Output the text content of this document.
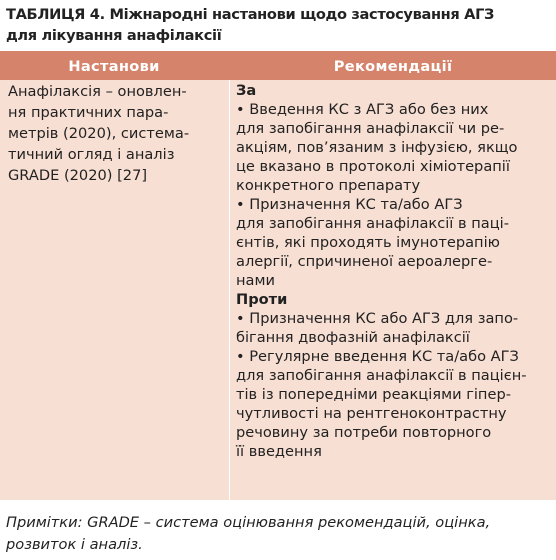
ТАБЛИЦЯ 4. Міжнародні настанови щодо застосування АГЗ
для лікування анафілаксії
Настанови	Рекомендації
Анафілаксія – оновлен-
ня практичних пара-
метрів (2020), система-
тичний огляд і аналіз
GRADE (2020) [27]
За
• Введення КС з АГЗ або без них
для запобігання анафілаксії чи ре-
акціям, пов’язаним з інфузією, якщо
це вказано в протоколі хіміотерапії
конкретного препарату
• Призначення КС та/або АГЗ
для запобігання анафілаксії в паці-
єнтів, які проходять імунотерапію
алергії, спричиненої аероалерге-
нами
Проти
• Призначення КС або АГЗ для запо-
бігання двофазній анафілаксії
• Регулярне введення КС та/або АГЗ
для запобігання анафілаксії в пацієн-
тів із попередніми реакціями гіпер-
чутливості на рентгеноконтрастну
речовину за потреби повторного
її введення
Примітки: GRADE – система оцінювання рекомендацій, оцінка,
розвиток і аналіз.
